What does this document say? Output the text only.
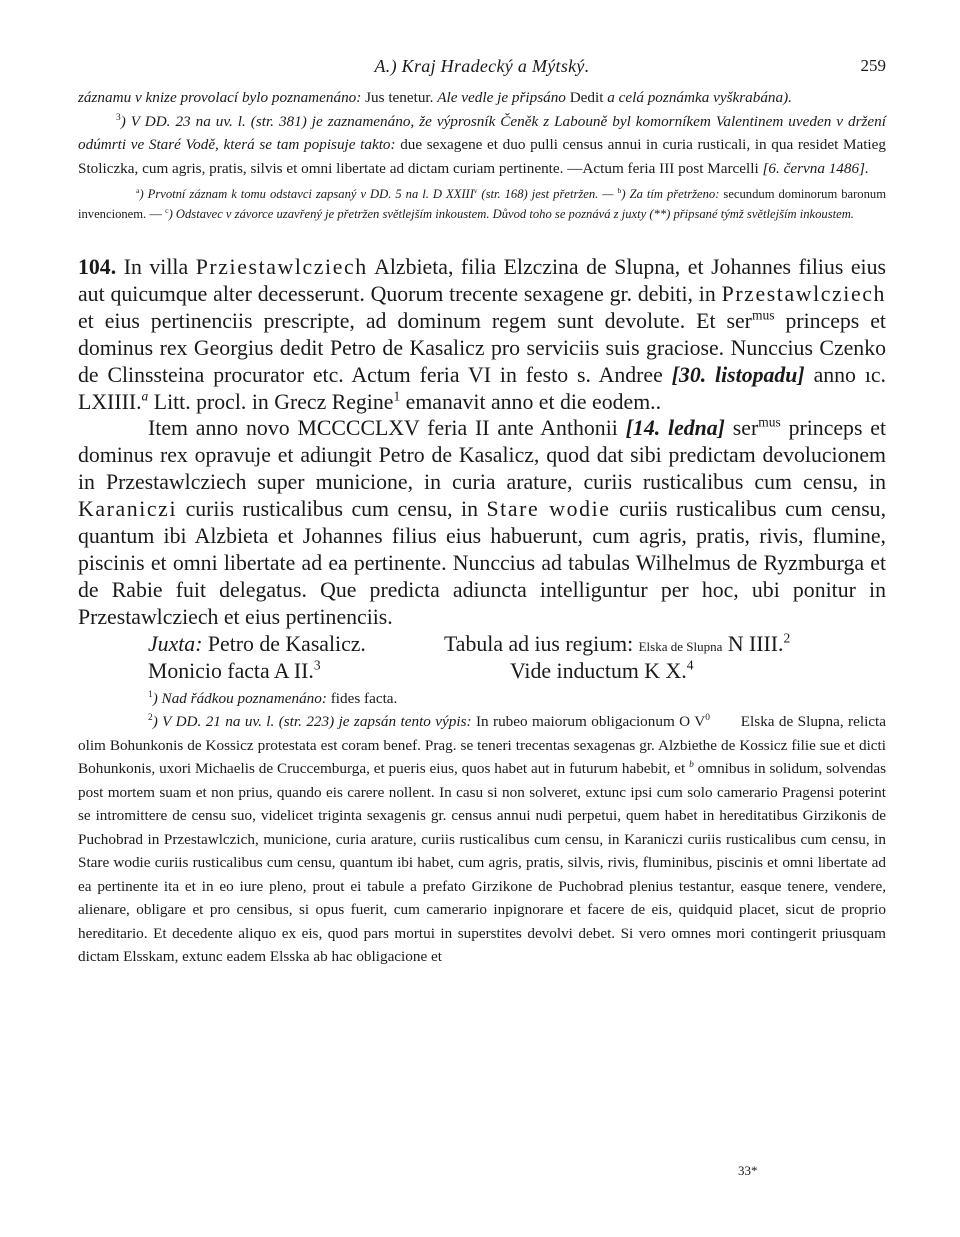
A.) Kraj Hradecký a Mýtský.	259

záznamu v knize provolací bylo poznamenáno: Jus tenetur. Ale vedle je připsáno Dedit a celá poznámka vyškrabána).

$^3$) V DD. 23 na uv. l. (str. 381) je zaznamenáno, že výprosník Čeněk z Labouně byl komorníkem Valentinem uveden v držení odúmrti ve Staré Vodě, která se tam popisuje takto: due sexagene et duo pulli census annui in curia rusticali, in qua residet Matieg Stoliczka, cum agris, pratis, silvis et omni libertate ad dictam curiam pertinente. —Actum feria III post Marcelli [6. června 1486].

$^a$) Prvotní záznam k tomu odstavci zapsaný v DD. 5 na l. D XXIII$^v$ (str. 168) jest přetržen. — $^b$) Za tím přetrženo: secundum dominorum baronum invencionem. — $^c$) Odstavec v závorce uzavřený je přetržen světlejším inkoustem. Důvod toho se poznává z juxty (**) připsané týmž světlejším inkoustem.

104. In villa Prziestawlcziech Alzbieta, filia Elzczina de Slupna, et Johannes filius eius aut quicumque alter decesserunt. Quorum trecente sexagene gr. debiti, in Przestawlcziech et eius pertinenciis prescripte, ad dominum regem sunt devolute. Et ser$^{mus}$ princeps et dominus rex Georgius dedit Petro de Kasalicz pro serviciis suis graciose. Nunccius Czenko de Clinssteina procurator etc. Actum feria VI in festo s. Andree [30. listopadu] anno ıc. LXIIII.$^a$ Litt. procl. in Grecz Regine$^1$ emanavit anno et die eodem..

Item anno novo MCCCCLXV feria II ante Anthonii [14. ledna] ser$^{mus}$ princeps et dominus rex opravuje et adiungit Petro de Kasalicz, quod dat sibi predictam devolucionem in Przestawlcziech super municione, in curia arature, curiis rusticalibus cum censu, in Karaniczi curiis rusticalibus cum censu, in Stare wodie curiis rusticalibus cum censu, quantum ibi Alzbieta et Johannes filius eius habuerunt, cum agris, pratis, rivis, flumine, piscinis et omni libertate ad ea pertinente. Nunccius ad tabulas Wilhelmus de Ryzmburga et de Rabie fuit delegatus. Que predicta adiuncta intelliguntur per hoc, ubi ponitur in Przestawlcziech et eius pertinenciis.

Juxta: Petro de Kasalicz.	Tabula ad ius regium: Elska de Slupna N IIII.$^2$
Monicio facta A II.$^3$	Vide inductum K X.$^4$

$^1$) Nad řádkou poznamenáno: fides facta.

$^2$) V DD. 21 na uv. l. (str. 223) je zapsán tento výpis: In rubeo maiorum obligacionum O $V^0$ Elska de Slupna, relicta olim Bohunkonis de Kossicz protestata est coram benef. Prag. se teneri trecentas sexagenas gr. Alzbiethe de Kossicz filie sue et dicti Bohunkonis, uxori Michaelis de Cruccemburga, et pueris eius, quos habet aut in futurum habebit, et $^b$ omnibus in solidum, solvendas post mortem suam et non prius, quando eis carere nollent. In casu si non solveret, extunc ipsi cum solo camerario Pragensi poterint se intromittere de censu suo, videlicet triginta sexagenis gr. census annui nudi perpetui, quem habet in hereditatibus Girzikonis de Puchobrad in Przestawlczich, municione, curia arature, curiis rusticalibus cum censu, in Karaniczi curiis rusticalibus cum censu, in Stare wodie curiis rusticalibus cum censu, quantum ibi habet, cum agris, pratis, silvis, rivis, fluminibus, piscinis et omni libertate ad ea pertinente ita et in eo iure pleno, prout ei tabule a prefato Girzikone de Puchobrad plenius testantur, easque tenere, vendere, alienare, obligare et pro censibus, si opus fuerit, cum camerario inpignorare et facere de eis, quidquid placet, sicut de proprio hereditario. Et decedente aliquo ex eis, quod pars mortui in superstites devolvi debet. Si vero omnes mori contingerit priusquam dictam Elsskam, extunc eadem Elsska ab hac obligacione et

33*
